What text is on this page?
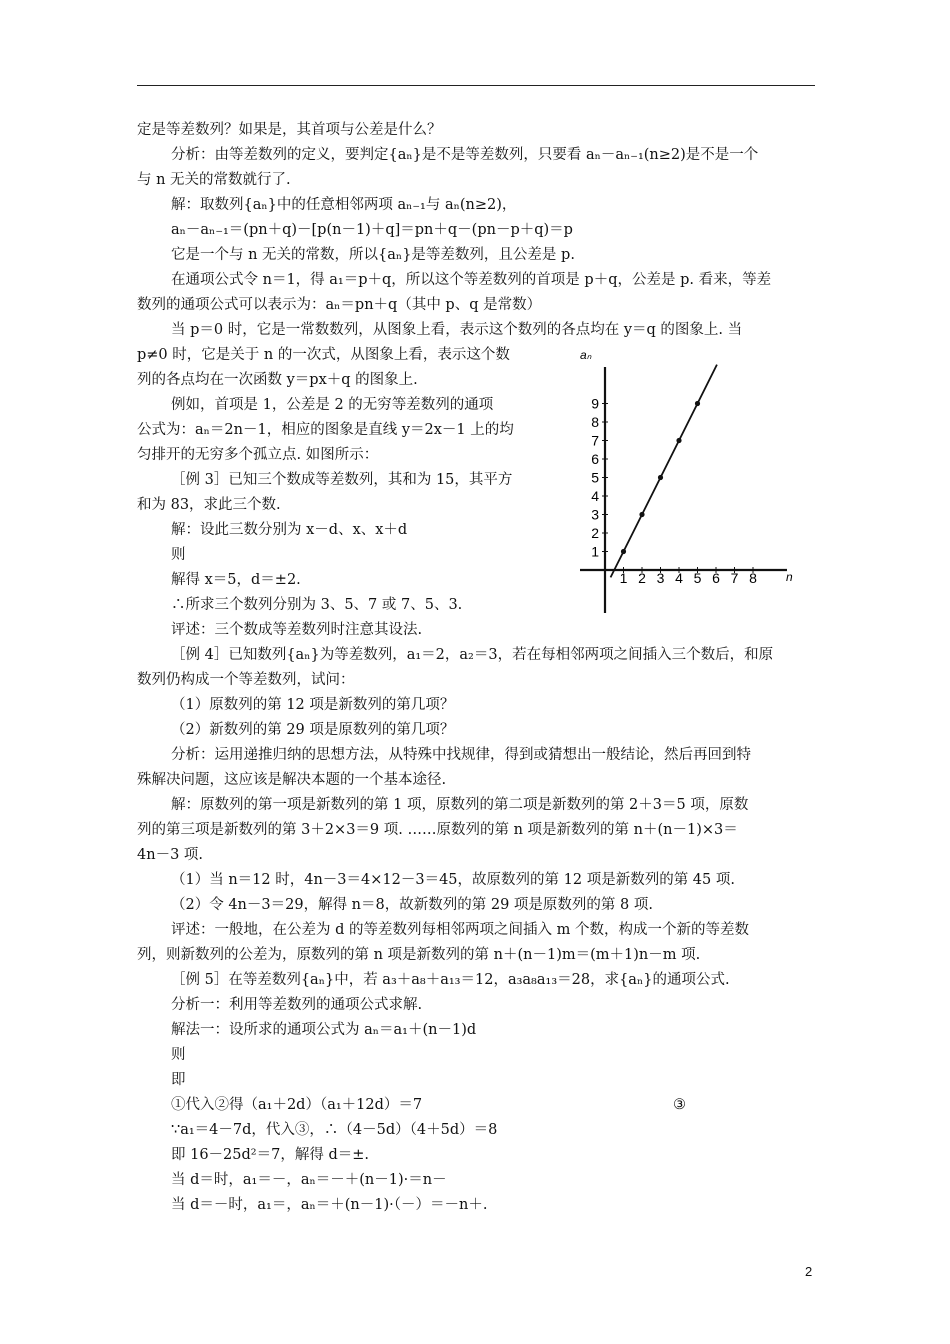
定是等差数列？如果是，其首项与公差是什么？
分析：由等差数列的定义，要判定{aₙ}是不是等差数列，只要看 aₙ－aₙ₋₁(n≥2)是不是一个
与 n 无关的常数就行了.
解：取数列{aₙ}中的任意相邻两项 aₙ₋₁与 aₙ(n≥2)，
aₙ－aₙ₋₁＝(pn＋q)－[p(n－1)＋q]＝pn＋q－(pn－p＋q)＝p
它是一个与 n 无关的常数，所以{aₙ}是等差数列，且公差是 p.
在通项公式令 n＝1，得 a₁＝p＋q，所以这个等差数列的首项是 p＋q，公差是 p. 看来，等差
数列的通项公式可以表示为：aₙ＝pn＋q（其中 p、q 是常数）
当 p＝0 时，它是一常数数列，从图象上看，表示这个数列的各点均在 y＝q 的图象上. 当
p≠0 时，它是关于 n 的一次式，从图象上看，表示这个数
列的各点均在一次函数 y＝px＋q 的图象上.
例如，首项是 1，公差是 2 的无穷等差数列的通项
公式为：aₙ＝2n－1，相应的图象是直线 y＝2x－1 上的均
匀排开的无穷多个孤立点. 如图所示：
［例 3］已知三个数成等差数列，其和为 15，其平方
和为 83，求此三个数.
解：设此三数分别为 x－d、x、x＋d
则
解得 x＝5，d＝±2.
∴所求三个数列分别为 3、5、7 或 7、5、3.
评述：三个数成等差数列时注意其设法.
［例 4］已知数列{aₙ}为等差数列，a₁＝2，a₂＝3，若在每相邻两项之间插入三个数后，和原
数列仍构成一个等差数列，试问：
（1）原数列的第 12 项是新数列的第几项？
（2）新数列的第 29 项是原数列的第几项？
分析：运用递推归纳的思想方法，从特殊中找规律，得到或猜想出一般结论，然后再回到特
殊解决问题，这应该是解决本题的一个基本途径.
解：原数列的第一项是新数列的第 1 项，原数列的第二项是新数列的第 2＋3＝5 项，原数
列的第三项是新数列的第 3＋2×3＝9 项. ……原数列的第 n 项是新数列的第 n＋(n－1)×3＝
4n－3 项.
（1）当 n＝12 时，4n－3＝4×12－3＝45，故原数列的第 12 项是新数列的第 45 项.
（2）令 4n－3＝29，解得 n＝8，故新数列的第 29 项是原数列的第 8 项.
评述：一般地，在公差为 d 的等差数列每相邻两项之间插入 m 个数，构成一个新的等差数
列，则新数列的公差为，原数列的第 n 项是新数列的第 n＋(n－1)m＝(m＋1)n－m 项.
［例 5］在等差数列{aₙ}中，若 a₃＋a₈＋a₁₃＝12，a₃a₈a₁₃＝28，求{aₙ}的通项公式.
分析一：利用等差数列的通项公式求解.
解法一：设所求的通项公式为 aₙ＝a₁＋(n－1)d
则
即
①代入②得（a₁＋2d）（a₁＋12d）＝7	③
∵a₁＝4－7d，代入③，∴（4－5d）（4＋5d）＝8
即 16－25d²＝7，解得 d＝±.
当 d＝时，a₁＝－，aₙ＝－＋(n－1)·＝n－
当 d＝－时，a₁＝，aₙ＝＋(n－1)·（－）＝－n＋.
aₙ
n
1
2
3
4
5
6
7
8
9
1 2 3 4 5 6 7 8
2
